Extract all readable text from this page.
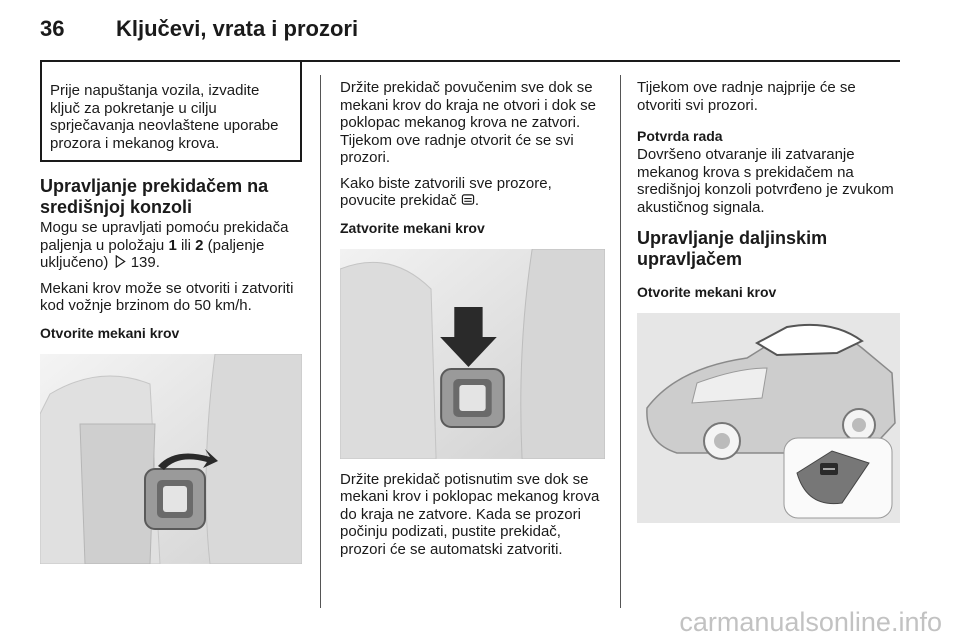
36 Ključevi, vrata i prozori

Prije napuštanja vozila, izvadite ključ za pokretanje u cilju sprječavanja neovlaštene uporabe prozora i mekanog krova.

Upravljanje prekidačem na središnjoj konzoli

Mogu se upravljati pomoću prekidača paljenja u položaju 1 ili 2 (paljenje uključeno)  139.

Mekani krov može se otvoriti i zatvoriti kod vožnje brzinom do 50 km/h.

Otvorite mekani krov

Držite prekidač povučenim sve dok se mekani krov do kraja ne otvori i dok se poklopac mekanog krova ne zatvori. Tijekom ove radnje otvorit će se svi prozori.

Kako biste zatvorili sve prozore, povucite prekidač .

Zatvorite mekani krov

Držite prekidač potisnutim sve dok se mekani krov i poklopac mekanog krova do kraja ne zatvore. Kada se prozori počinju podizati, pustite prekidač, prozori će se automatski zatvoriti.

Tijekom ove radnje najprije će se otvoriti svi prozori.

Potvrda rada

Dovršeno otvaranje ili zatvaranje mekanog krova s prekidačem na središnjoj konzoli potvrđeno je zvukom akustičnog signala.

Upravljanje daljinskim upravljačem
Otvorite mekani krov
carmanualsonline.info
